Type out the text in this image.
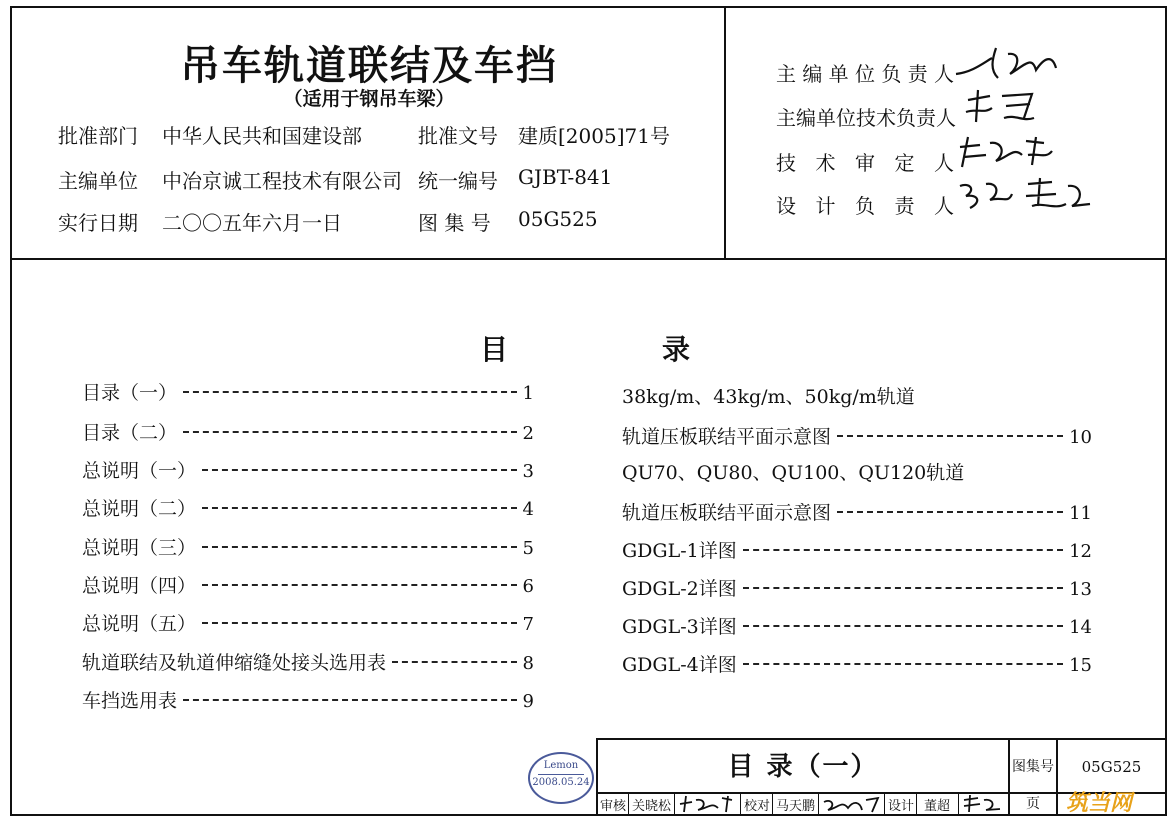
吊车轨道联结及车挡
（适用于钢吊车梁）
批准部门 中华人民共和国建设部	批准文号 建质[2005]71号
主编单位 中冶京诚工程技术有限公司 统一编号 GJBT-841
实行日期 二〇〇五年六月一日	图 集 号 05G525
主编单位负责人
主编单位技术负责人
技术审定人
设计负责人
目	录
目录（一）	1
目录（二）	2
总说明（一）	3
总说明（二）	4
总说明（三）	5
总说明（四）	6
总说明（五）	7
轨道联结及轨道伸缩缝处接头选用表	8
车挡选用表	9
38kg/m、43kg/m、50kg/m轨道
轨道压板联结平面示意图	10
QU70、QU80、QU100、QU120轨道
轨道压板联结平面示意图	11
GDGL-1详图	12
GDGL-2详图	13
GDGL-3详图	14
GDGL-4详图	15
Lemon
2008.05.24
目 录（一）	图集号	05G525
页
审核 关晓松	校对 马天鹏	设计 董超	筑当网
